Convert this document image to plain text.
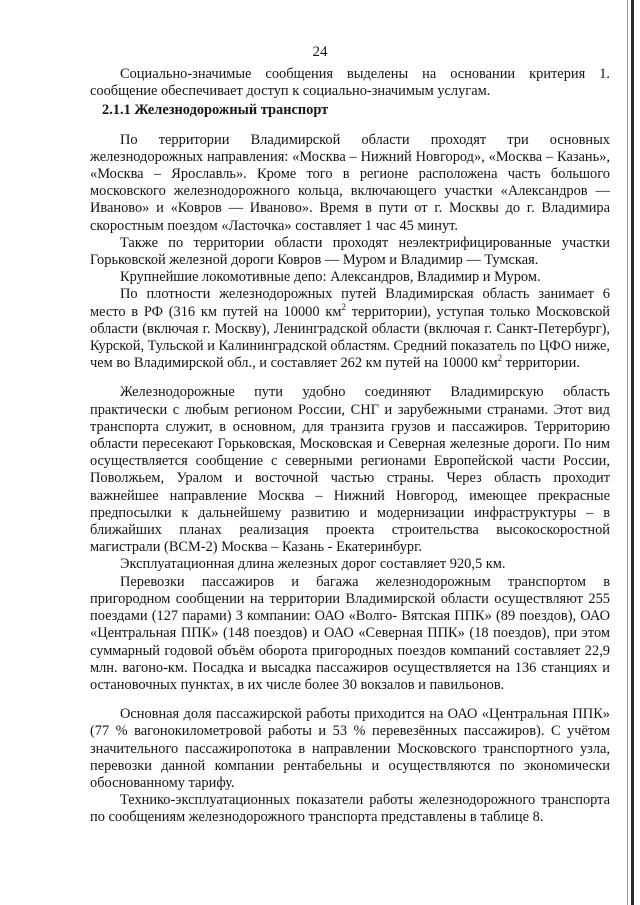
24

Социально-значимые сообщения выделены на основании критерия 1. сообщение обеспечивает доступ к социально-значимым услугам.

2.1.1 Железнодорожный транспорт

По территории Владимирской области проходят три основных железнодорожных направления: «Москва – Нижний Новгород», «Москва – Казань», «Москва – Ярославль». Кроме того в регионе расположена часть большого московского железнодорожного кольца, включающего участки «Александров — Иваново» и «Ковров — Иваново». Время в пути от г. Москвы до г. Владимира скоростным поездом «Ласточка» составляет 1 час 45 минут.

Также по территории области проходят неэлектрифицированные участки Горьковской железной дороги Ковров — Муром и Владимир — Тумская.

Крупнейшие локомотивные депо: Александров, Владимир и Муром.

По плотности железнодорожных путей Владимирская область занимает 6 место в РФ (316 км путей на 10000 $км^2$ территории), уступая только Московской области (включая г. Москву), Ленинградской области (включая г. Санкт-Петербург), Курской, Тульской и Калининградской областям. Средний показатель по ЦФО ниже, чем во Владимирской обл., и составляет 262 км путей на 10000 $км^2$ территории.

Железнодорожные пути удобно соединяют Владимирскую область практически с любым регионом России, СНГ и зарубежными странами. Этот вид транспорта служит, в основном, для транзита грузов и пассажиров. Территорию области пересекают Горьковская, Московская и Северная железные дороги. По ним осуществляется сообщение с северными регионами Европейской части России, Поволжьем, Уралом и восточной частью страны. Через область проходит важнейшее направление Москва – Нижний Новгород, имеющее прекрасные предпосылки к дальнейшему развитию и модернизации инфраструктуры – в ближайших планах реализация проекта строительства высокоскоростной магистрали (ВСМ-2) Москва – Казань - Екатеринбург.

Эксплуатационная длина железных дорог составляет 920,5 км.

Перевозки пассажиров и багажа железнодорожным транспортом в пригородном сообщении на территории Владимирской области осуществляют 255 поездами (127 парами) 3 компании: ОАО «Волго- Вятская ППК» (89 поездов), ОАО «Центральная ППК» (148 поездов) и ОАО «Северная ППК» (18 поездов), при этом суммарный годовой объём оборота пригородных поездов компаний составляет 22,9 млн. вагоно-км. Посадка и высадка пассажиров осуществляется на 136 станциях и остановочных пунктах, в их числе более 30 вокзалов и павильонов.

Основная доля пассажирской работы приходится на ОАО «Центральная ППК» (77 % вагонокилометровой работы и 53 % перевезённых пассажиров). С учётом значительного пассажиропотока в направлении Московского транспортного узла, перевозки данной компании рентабельны и осуществляются по экономически обоснованному тарифу.

Технико-эксплуатационных показатели работы железнодорожного транспорта по сообщениям железнодорожного транспорта представлены в таблице 8.
